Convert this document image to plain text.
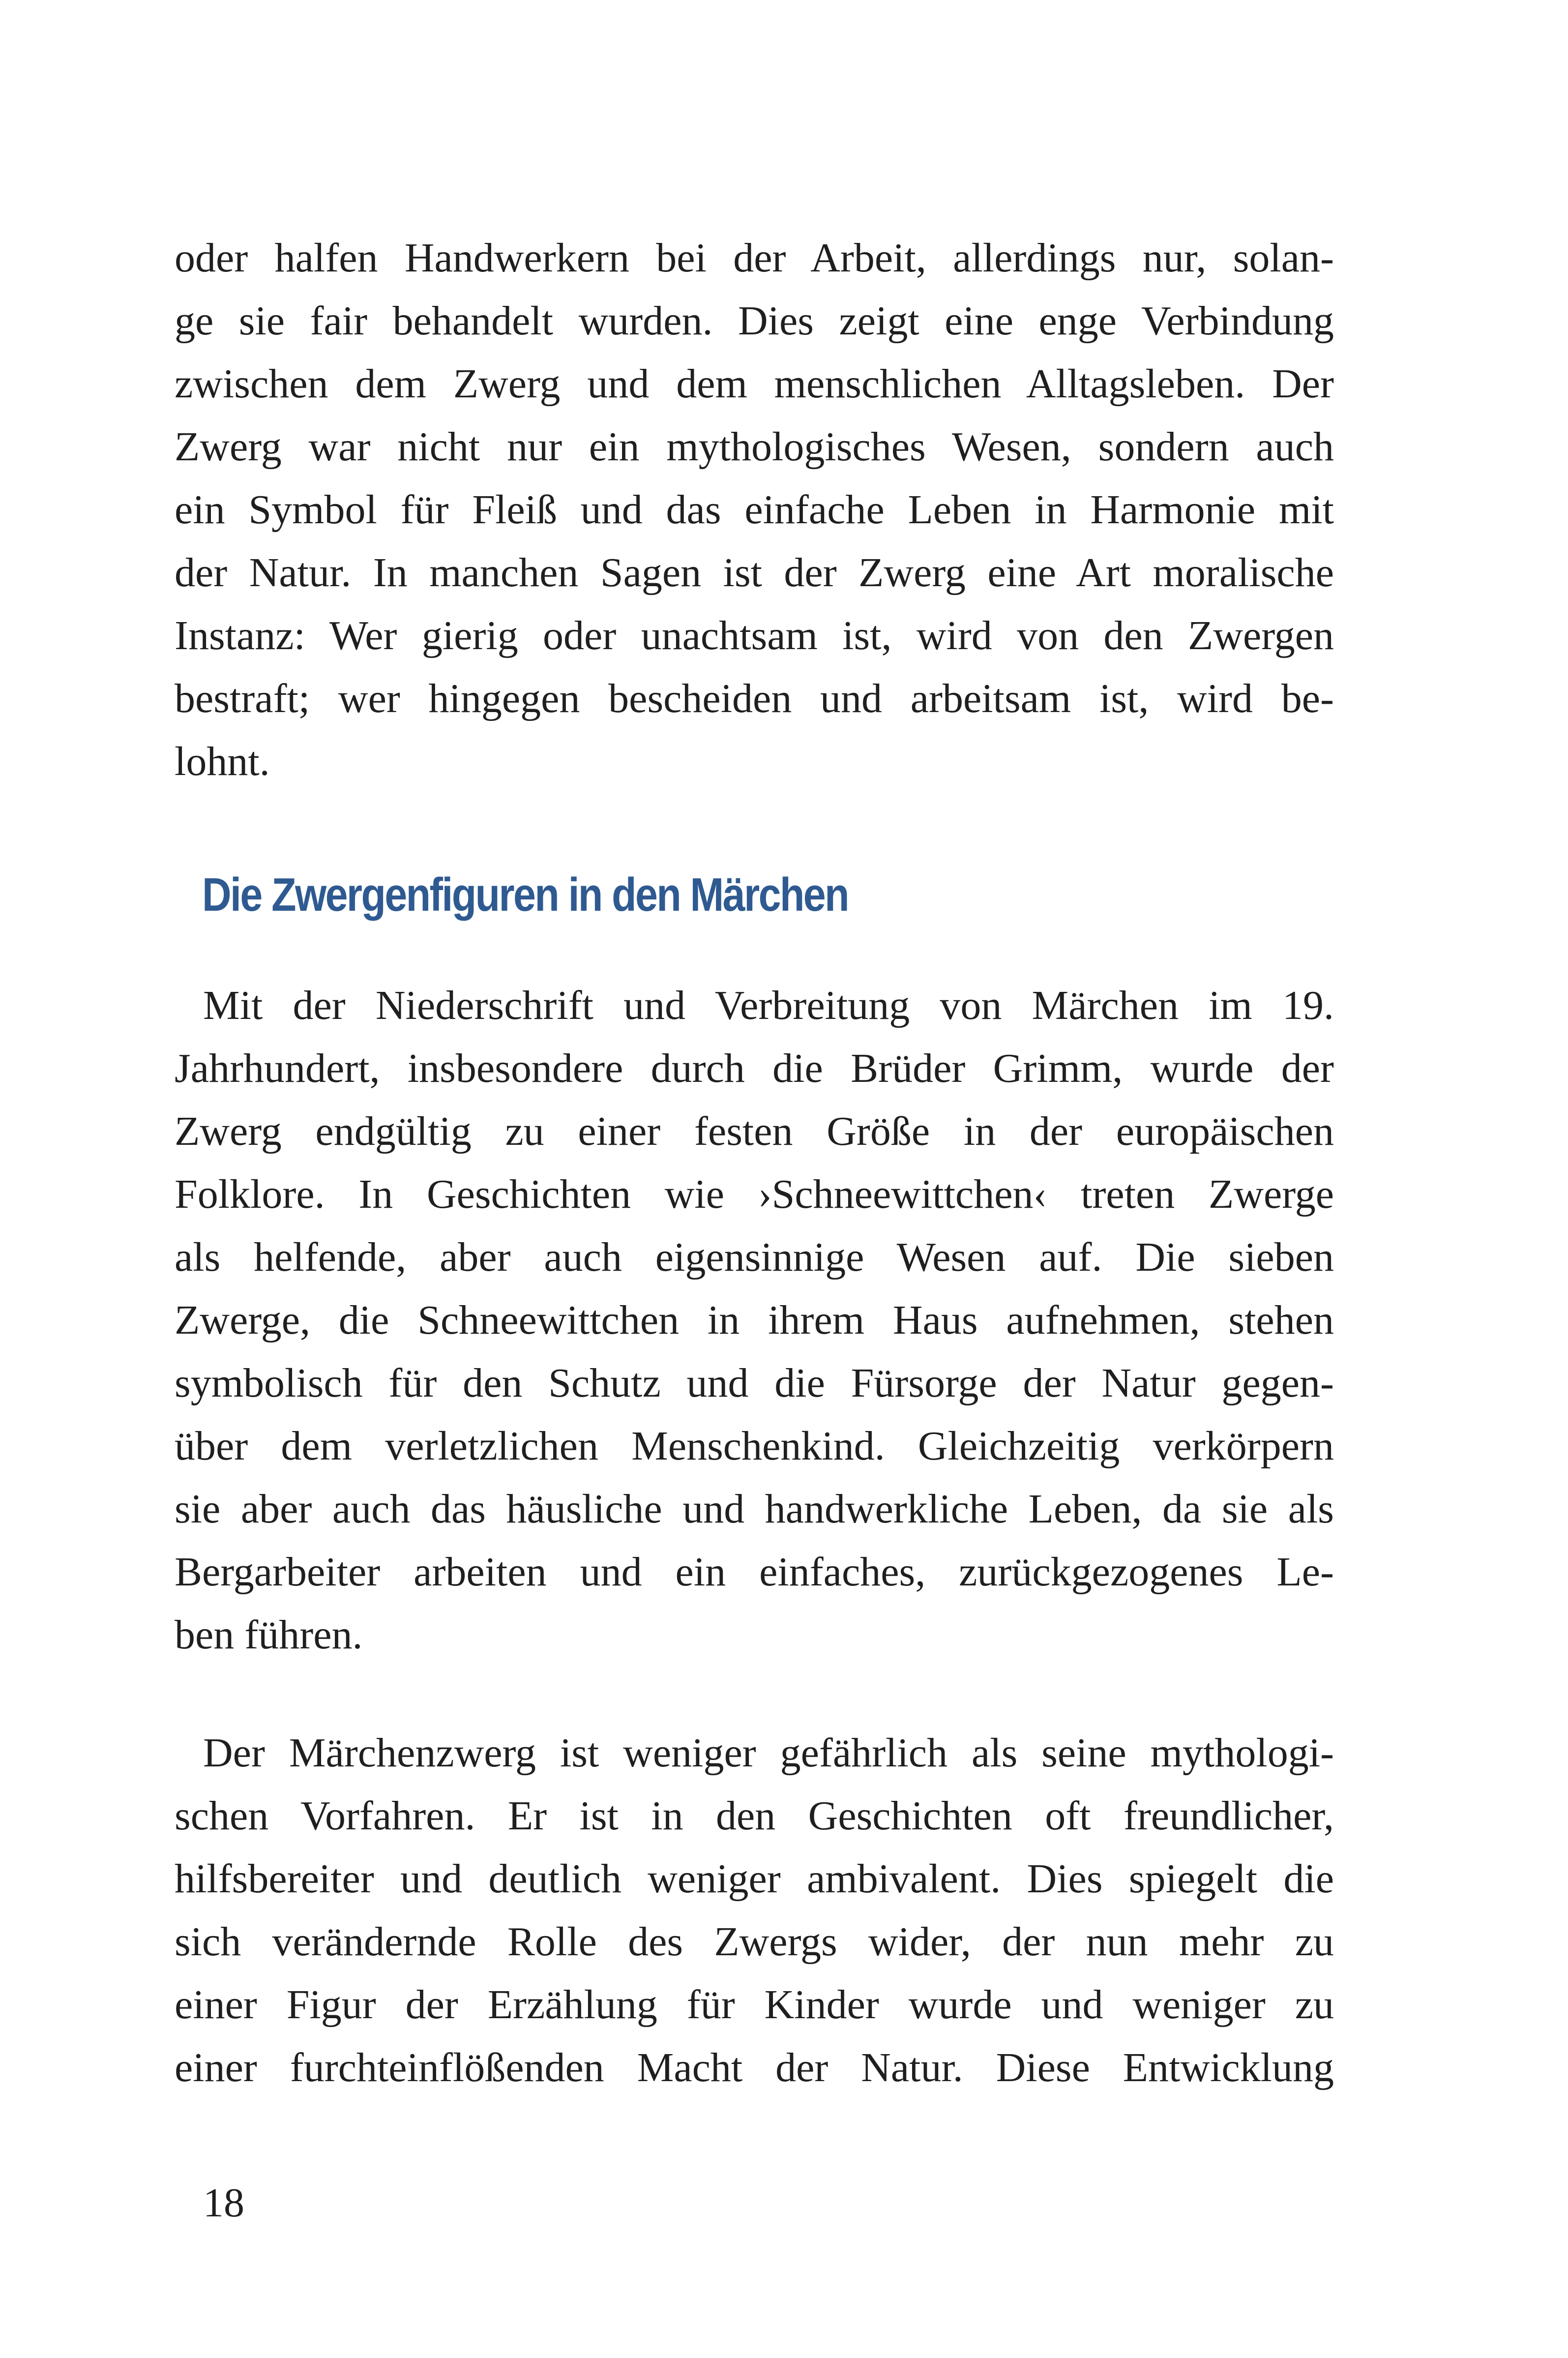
oder halfen Handwerkern bei der Arbeit, allerdings nur, solan-

ge sie fair behandelt wurden. Dies zeigt eine enge Verbindung

zwischen dem Zwerg und dem menschlichen Alltagsleben. Der

Zwerg war nicht nur ein mythologisches Wesen, sondern auch

ein Symbol für Fleiß und das einfache Leben in Harmonie mit

der Natur. In manchen Sagen ist der Zwerg eine Art moralische

Instanz: Wer gierig oder unachtsam ist, wird von den Zwergen

bestraft; wer hingegen bescheiden und arbeitsam ist, wird be-

lohnt.

Die Zwergenfiguren in den Märchen

Mit der Niederschrift und Verbreitung von Märchen im 19.

Jahrhundert, insbesondere durch die Brüder Grimm, wurde der

Zwerg endgültig zu einer festen Größe in der europäischen

Folklore. In Geschichten wie ›Schneewittchen‹ treten Zwerge

als helfende, aber auch eigensinnige Wesen auf. Die sieben

Zwerge, die Schneewittchen in ihrem Haus aufnehmen, stehen

symbolisch für den Schutz und die Fürsorge der Natur gegen-

über dem verletzlichen Menschenkind. Gleichzeitig verkörpern

sie aber auch das häusliche und handwerkliche Leben, da sie als

Bergarbeiter arbeiten und ein einfaches, zurückgezogenes Le-

ben führen.

Der Märchenzwerg ist weniger gefährlich als seine mythologi-

schen Vorfahren. Er ist in den Geschichten oft freundlicher,

hilfsbereiter und deutlich weniger ambivalent. Dies spiegelt die

sich verändernde Rolle des Zwergs wider, der nun mehr zu

einer Figur der Erzählung für Kinder wurde und weniger zu

einer furchteinflößenden Macht der Natur. Diese Entwicklung

18
